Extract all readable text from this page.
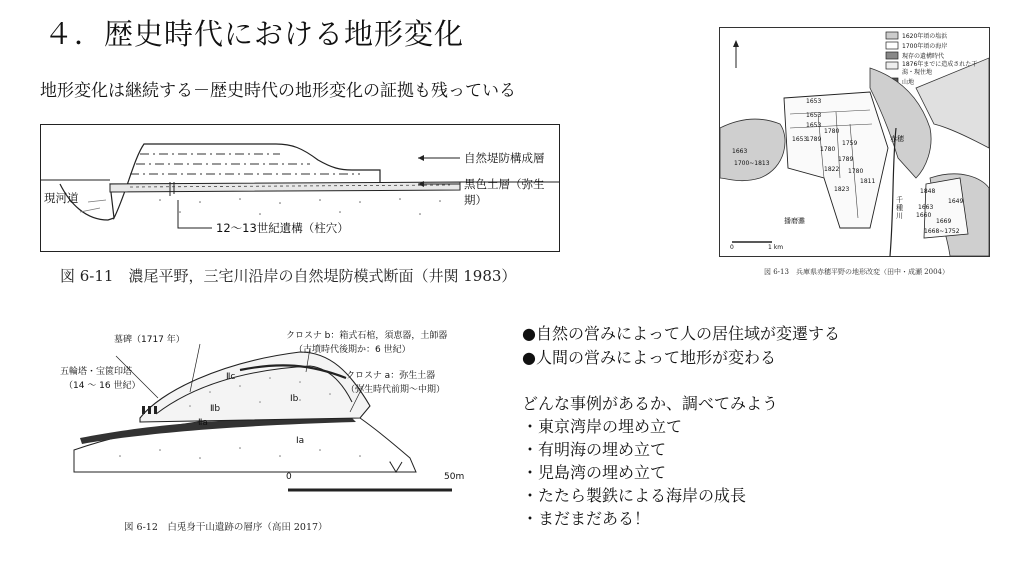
４．歴史時代における地形変化
地形変化は継続する－歴史時代の地形変化の証拠も残っている
自然堤防構成層
黒色土層（弥生期）
現河道
12～13世紀遺構（柱穴）
図 6-11　濃尾平野，三宅川沿岸の自然堤防模式断面（井関 1983）
1620年頃の塩浜
1700年頃の海岸
現存の遺構時代
1876年までに造成された干潟・現住地
山地
1653
1653
1653
1653
1789
1780
1759
1780
1663
1700~1813
1822
1789
1780
1811
1823	1848
1649
1660
1669
1668~1752
1663
播磨灘
赤穂
千種川
0	1 km
図 6-13　兵庫県赤穂平野の地形改変（田中・成瀬 2004）
墓碑（1717 年）
五輪塔・宝篋印塔
（14 ～ 16 世紀）
クロスナ b：箱式石棺，須恵器，土師器
（古墳時代後期か：6 世紀）
クロスナ a：弥生土器
（弥生時代前期～中期）
Ⅱc
Ⅱb
Ⅰb
Ⅱa
Ⅰa
0	50m
図 6-12　白兎身干山遺跡の層序（高田 2017）
●自然の営みによって人の居住域が変遷する
●人間の営みによって地形が変わる
どんな事例があるか、調べてみよう
・東京湾岸の埋め立て
・有明海の埋め立て
・児島湾の埋め立て
・たたら製鉄による海岸の成長
・まだまだある！
